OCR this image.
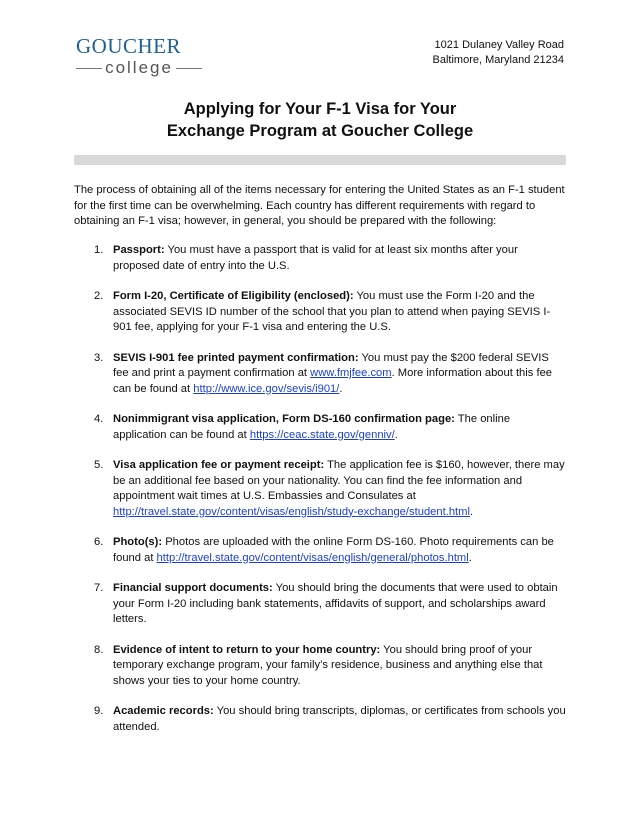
GOUCHER
college
1021 Dulaney Valley Road
Baltimore, Maryland 21234
Applying for Your F-1 Visa for Your
Exchange Program at Goucher College

The process of obtaining all of the items necessary for entering the United States as an F-1 student for the first time can be overwhelming. Each country has different requirements with regard to obtaining an F-1 visa; however, in general, you should be prepared with the following:

1. Passport: You must have a passport that is valid for at least six months after your proposed date of entry into the U.S.
2. Form I-20, Certificate of Eligibility (enclosed): You must use the Form I-20 and the associated SEVIS ID number of the school that you plan to attend when paying SEVIS I-901 fee, applying for your F-1 visa and entering the U.S.
3. SEVIS I-901 fee printed payment confirmation: You must pay the $200 federal SEVIS fee and print a payment confirmation at www.fmjfee.com. More information about this fee can be found at http://www.ice.gov/sevis/i901/.
4. Nonimmigrant visa application, Form DS-160 confirmation page: The online application can be found at https://ceac.state.gov/genniv/.
5. Visa application fee or payment receipt: The application fee is $160, however, there may be an additional fee based on your nationality. You can find the fee information and appointment wait times at U.S. Embassies and Consulates at http://travel.state.gov/content/visas/english/study-exchange/student.html.
6. Photo(s): Photos are uploaded with the online Form DS-160. Photo requirements can be found at http://travel.state.gov/content/visas/english/general/photos.html.
7. Financial support documents: You should bring the documents that were used to obtain your Form I-20 including bank statements, affidavits of support, and scholarships award letters.
8. Evidence of intent to return to your home country: You should bring proof of your temporary exchange program, your family’s residence, business and anything else that shows your ties to your home country.
9. Academic records: You should bring transcripts, diplomas, or certificates from schools you attended.
